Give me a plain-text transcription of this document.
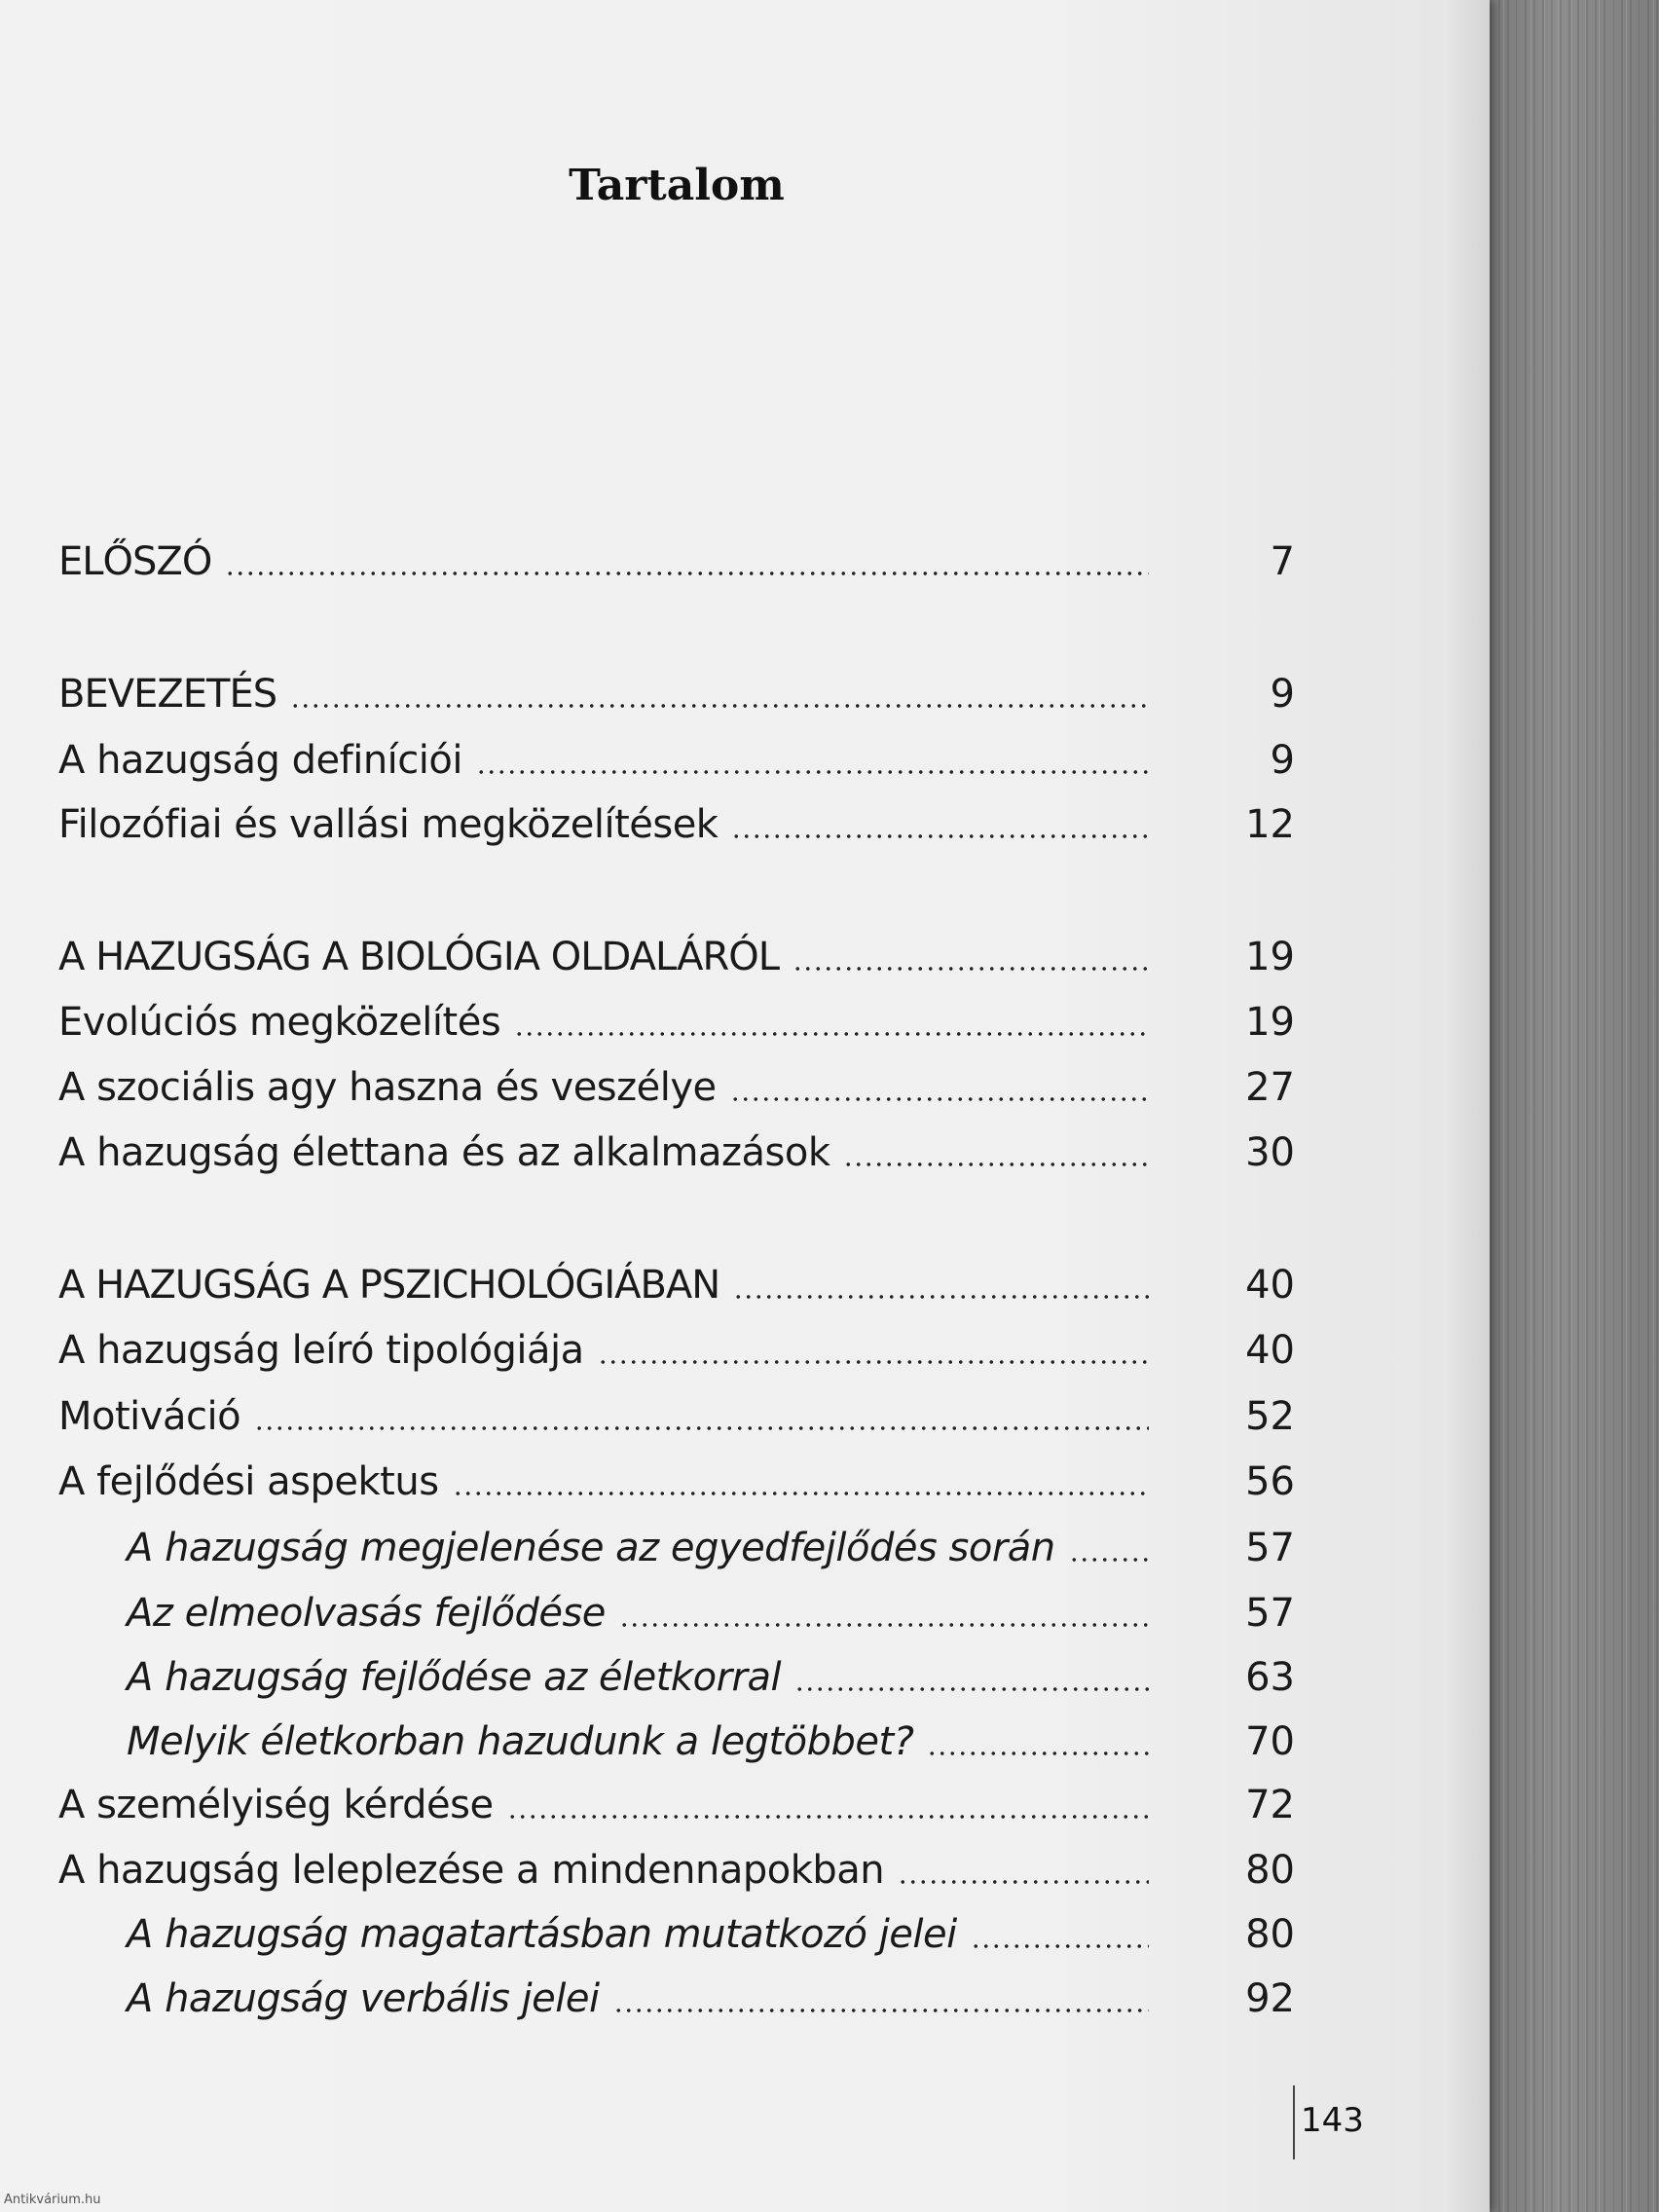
Tartalom
ELŐSZÓ	7
BEVEZETÉS	9
A hazugság definíciói	9
Filozófiai és vallási megközelítések	12
A HAZUGSÁG A BIOLÓGIA OLDALÁRÓL	19
Evolúciós megközelítés	19
A szociális agy haszna és veszélye	27
A hazugság élettana és az alkalmazások	30
A HAZUGSÁG A PSZICHOLÓGIÁBAN	40
A hazugság leíró tipológiája	40
Motiváció	52
A fejlődési aspektus	56
A hazugság megjelenése az egyedfejlődés során	57
Az elmeolvasás fejlődése	57
A hazugság fejlődése az életkorral	63
Melyik életkorban hazudunk a legtöbbet?	70
A személyiség kérdése	72
A hazugság leleplezése a mindennapokban	80
A hazugság magatartásban mutatkozó jelei	80
A hazugság verbális jelei	92
143
Antikvárium.hu
